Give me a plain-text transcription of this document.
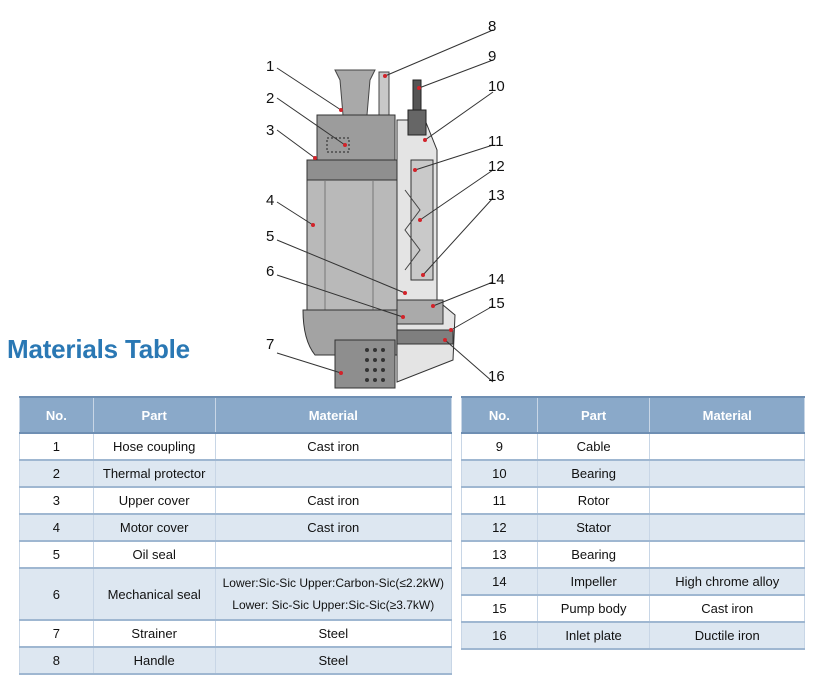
1
2
3
4
5
6
7
8
9
10
11
12
13
14
15
16
Materials Table
No.	Part	Material
1	Hose coupling	Cast iron
2	Thermal protector	
3	Upper cover	Cast iron
4	Motor cover	Cast iron
5	Oil seal	
6	Mechanical seal	Lower:Sic-Sic Upper:Carbon-Sic(≤2.2kW)
Lower: Sic-Sic Upper:Sic-Sic(≥3.7kW)

7	Strainer	Steel
8	Handle	Steel
No.	Part	Material
9	Cable	
10	Bearing	
11	Rotor	
12	Stator	
13	Bearing	
14	Impeller	High chrome alloy
15	Pump body	Cast iron
16	Inlet plate	Ductile iron
